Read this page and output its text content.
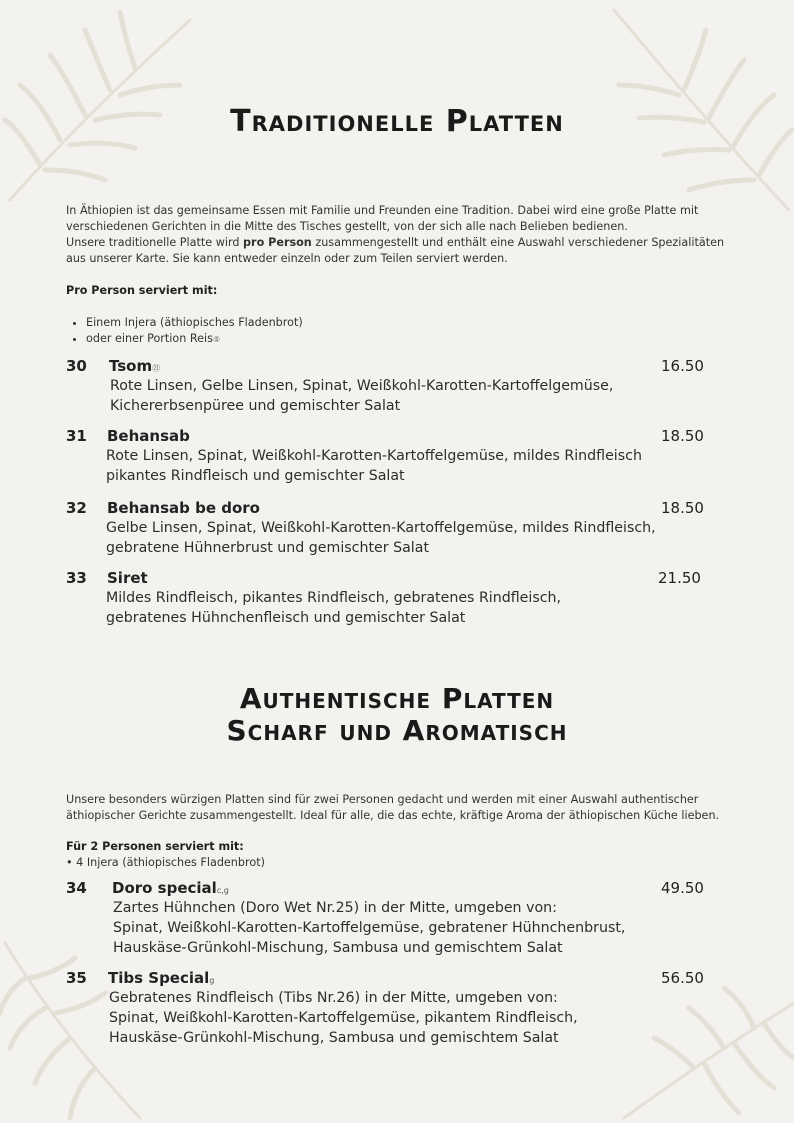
Traditionelle Platten
In Äthiopien ist das gemeinsame Essen mit Familie und Freunden eine Tradition. Dabei wird eine große Platte mit
verschiedenen Gerichten in die Mitte des Tisches gestellt, von der sich alle nach Belieben bedienen.
Unsere traditionelle Platte wird pro Person zusammengestellt und enthält eine Auswahl verschiedener Spezialitäten
aus unserer Karte. Sie kann entweder einzeln oder zum Teilen serviert werden.
Pro Person serviert mit:
• Einem Injera (äthiopisches Fladenbrot)
• oder einer Portion Reis⑤
30 Tsom㉑	16.50
Rote Linsen, Gelbe Linsen, Spinat, Weißkohl-Karotten-Kartoffelgemüse,
Kichererbsenpüree und gemischter Salat
31 Behansab	18.50
Rote Linsen, Spinat, Weißkohl-Karotten-Kartoffelgemüse, mildes Rindfleisch
pikantes Rindfleisch und gemischter Salat
32 Behansab be doro	18.50
Gelbe Linsen, Spinat, Weißkohl-Karotten-Kartoffelgemüse, mildes Rindfleisch,
gebratene Hühnerbrust und gemischter Salat
33 Siret	21.50
Mildes Rindfleisch, pikantes Rindfleisch, gebratenes Rindfleisch,
gebratenes Hühnchenfleisch und gemischter Salat
Authentische Platten
Scharf und Aromatisch
Unsere besonders würzigen Platten sind für zwei Personen gedacht und werden mit einer Auswahl authentischer
äthiopischer Gerichte zusammengestellt. Ideal für alle, die das echte, kräftige Aroma der äthiopischen Küche lieben.
Für 2 Personen serviert mit:
• 4 Injera (äthiopisches Fladenbrot)
34 Doro specialc,g	49.50
Zartes Hühnchen (Doro Wet Nr.25) in der Mitte, umgeben von:
Spinat, Weißkohl-Karotten-Kartoffelgemüse, gebratener Hühnchenbrust,
Hauskäse-Grünkohl-Mischung, Sambusa und gemischtem Salat
35 Tibs Specialg	56.50
Gebratenes Rindfleisch (Tibs Nr.26) in der Mitte, umgeben von:
Spinat, Weißkohl-Karotten-Kartoffelgemüse, pikantem Rindfleisch,
Hauskäse-Grünkohl-Mischung, Sambusa und gemischtem Salat
